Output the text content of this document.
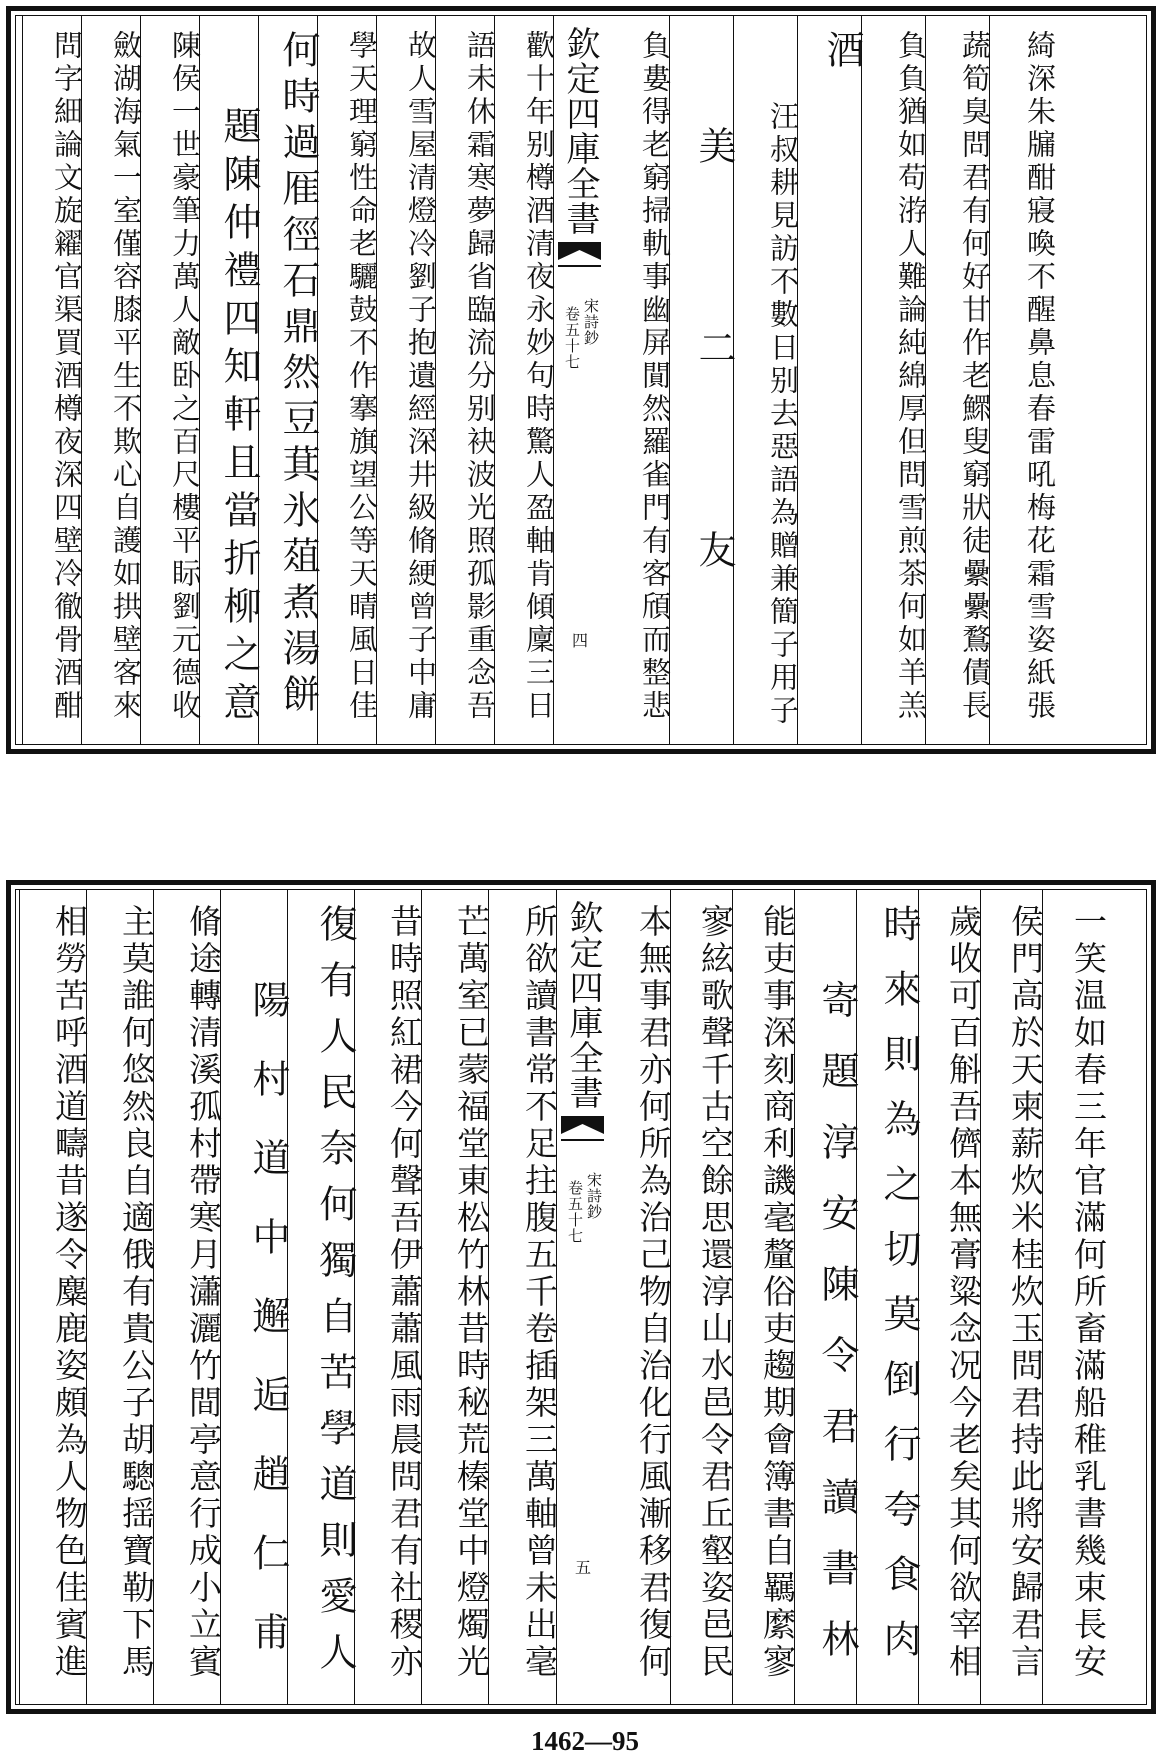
負婁得老窮掃軌事幽屏閴然羅雀門有客頎而整悲 美二友	汪叔耕見訪不數日别去惡語為贈兼簡子用子 酒	負負猶如苟㳺人難論純綿厚但問雪煎茶何如羊羔	蔬筍臭問君有何好甘作老鰥叟窮狀徒纍纍鶩債長	綺深朱牖酣寢喚不醒鼻息春雷吼梅花霜雪姿紙張
欽定四庫全書
宋詩鈔
卷五十七
四
歡十年别樽酒清夜永妙句時驚人盈軸肯傾廩三日
語未休霜寒夢歸省臨流分别袂波光照孤影重念吾
故人雪屋清燈冷劉子抱遺經深井級脩綆曾子中庸
學天理窮性命老驪鼓不作搴旗望公等天晴風日佳
何時過㕍徑石鼎然豆萁氷葅煮湯餅
題陳仲禮四知軒且當折柳之意
陳侯一世豪筆力萬人敵卧之百尺樓平眎劉元德收
斂湖海氣一室僅容膝平生不欺心自護如拱壁客來
問字細論文旋糴官渠買酒樽夜深四壁冷徹骨酒酣
本無事君亦何所為治己物自治化行風漸移君復何 寥絃歌聲千古空餘思還淳山水邑令君丘壑姿邑民 能吏事深刻商利譏毫釐俗吏趨期會簿書自羈縻寥 寄題淳安陳令君讀書林 時來則為之切莫倒行夸食肉 歲收可百斛吾儕本無膏粱念况今老矣其何欲宰相 侯門高於天柬薪炊米桂炊玉問君持此將安歸君言 一笑温如春三年官滿何所畜滿船稚乳書幾束長安
欽定四庫全書
宋詩鈔
卷五十七
五
所欲讀書常不足拄腹五千卷插架三萬軸曾未出毫
芒萬室已蒙福堂東松竹林昔時秘荒榛堂中燈燭光
昔時照紅裙今何聲吾伊蕭蕭風雨晨問君有社稷亦
復有人民奈何獨自苦學道則愛人
陽村道中邂逅趙仁甫
脩途轉清溪孤村帶寒月瀟灑竹間亭意行成小立賓
主莫誰何悠然良自適俄有貴公子胡驄揺寶勒下馬
相勞苦呼酒道疇昔遂令麋鹿姿頗為人物色佳賓進
1462—95
